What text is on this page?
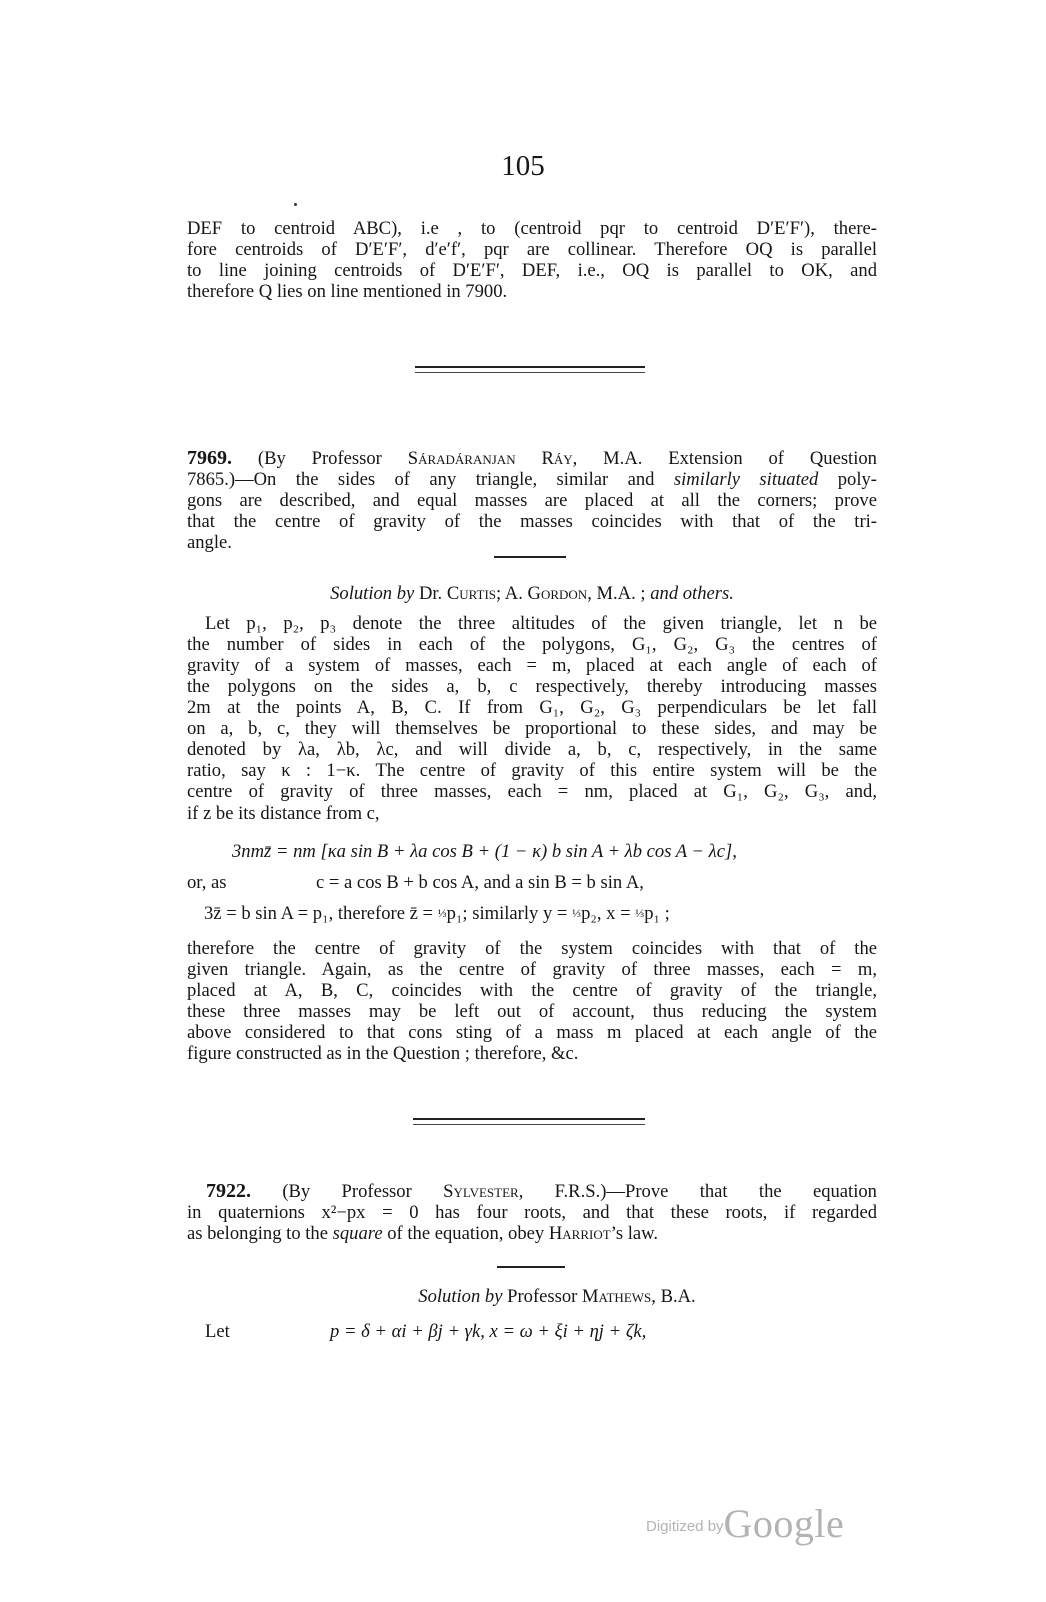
105
DEF to centroid ABC), i.e , to (centroid pqr to centroid D′E′F′), there-
fore centroids of D′E′F′, d′e′f′, pqr are collinear. Therefore OQ is parallel
to line joining centroids of D′E′F′, DEF, i.e., OQ is parallel to OK, and
therefore Q lies on line mentioned in 7900.
7969. (By Professor Sáradáranjan Ráy, M.A. Extension of Question
7865.)—On the sides of any triangle, similar and similarly situated poly-
gons are described, and equal masses are placed at all the corners; prove
that the centre of gravity of the masses coincides with that of the tri-
angle.
Solution by Dr. Curtis; A. Gordon, M.A. ; and others.
Let p₁, p₂, p₃ denote the three altitudes of the given triangle, let n be
the number of sides in each of the polygons, G₁, G₂, G₃ the centres of
gravity of a system of masses, each = m, placed at each angle of each of
the polygons on the sides a, b, c respectively, thereby introducing masses
2m at the points A, B, C. If from G₁, G₂, G₃ perpendiculars be let fall
on a, b, c, they will themselves be proportional to these sides, and may be
denoted by λa, λb, λc, and will divide a, b, c, respectively, in the same
ratio, say κ : 1−κ. The centre of gravity of this entire system will be the
centre of gravity of three masses, each = nm, placed at G₁, G₂, G₃, and,
if z be its distance from c,
3nmz̄ = nm [κa sin B + λa cos B + (1 − κ) b sin A + λb cos A − λc],
or, as	c = a cos B + b cos A, and a sin B = b sin A,
3z̄ = b sin A = p₁, therefore z̄ = ⅓p₁; similarly y = ⅓p₂, x = ⅓p₁ ;
therefore the centre of gravity of the system coincides with that of the
given triangle. Again, as the centre of gravity of three masses, each = m,
placed at A, B, C, coincides with the centre of gravity of the triangle,
these three masses may be left out of account, thus reducing the system
above considered to that cons sting of a mass m placed at each angle of the
figure constructed as in the Question ; therefore, &c.
7922. (By Professor Sylvester, F.R.S.)—Prove that the equation
in quaternions x²−px = 0 has four roots, and that these roots, if regarded
as belonging to the square of the equation, obey Harriot’s law.
Solution by Professor Mathews, B.A.
Let	p = δ + αi + βj + γk, x = ω + ξi + ηj + ζk,
Digitized byGoogle
